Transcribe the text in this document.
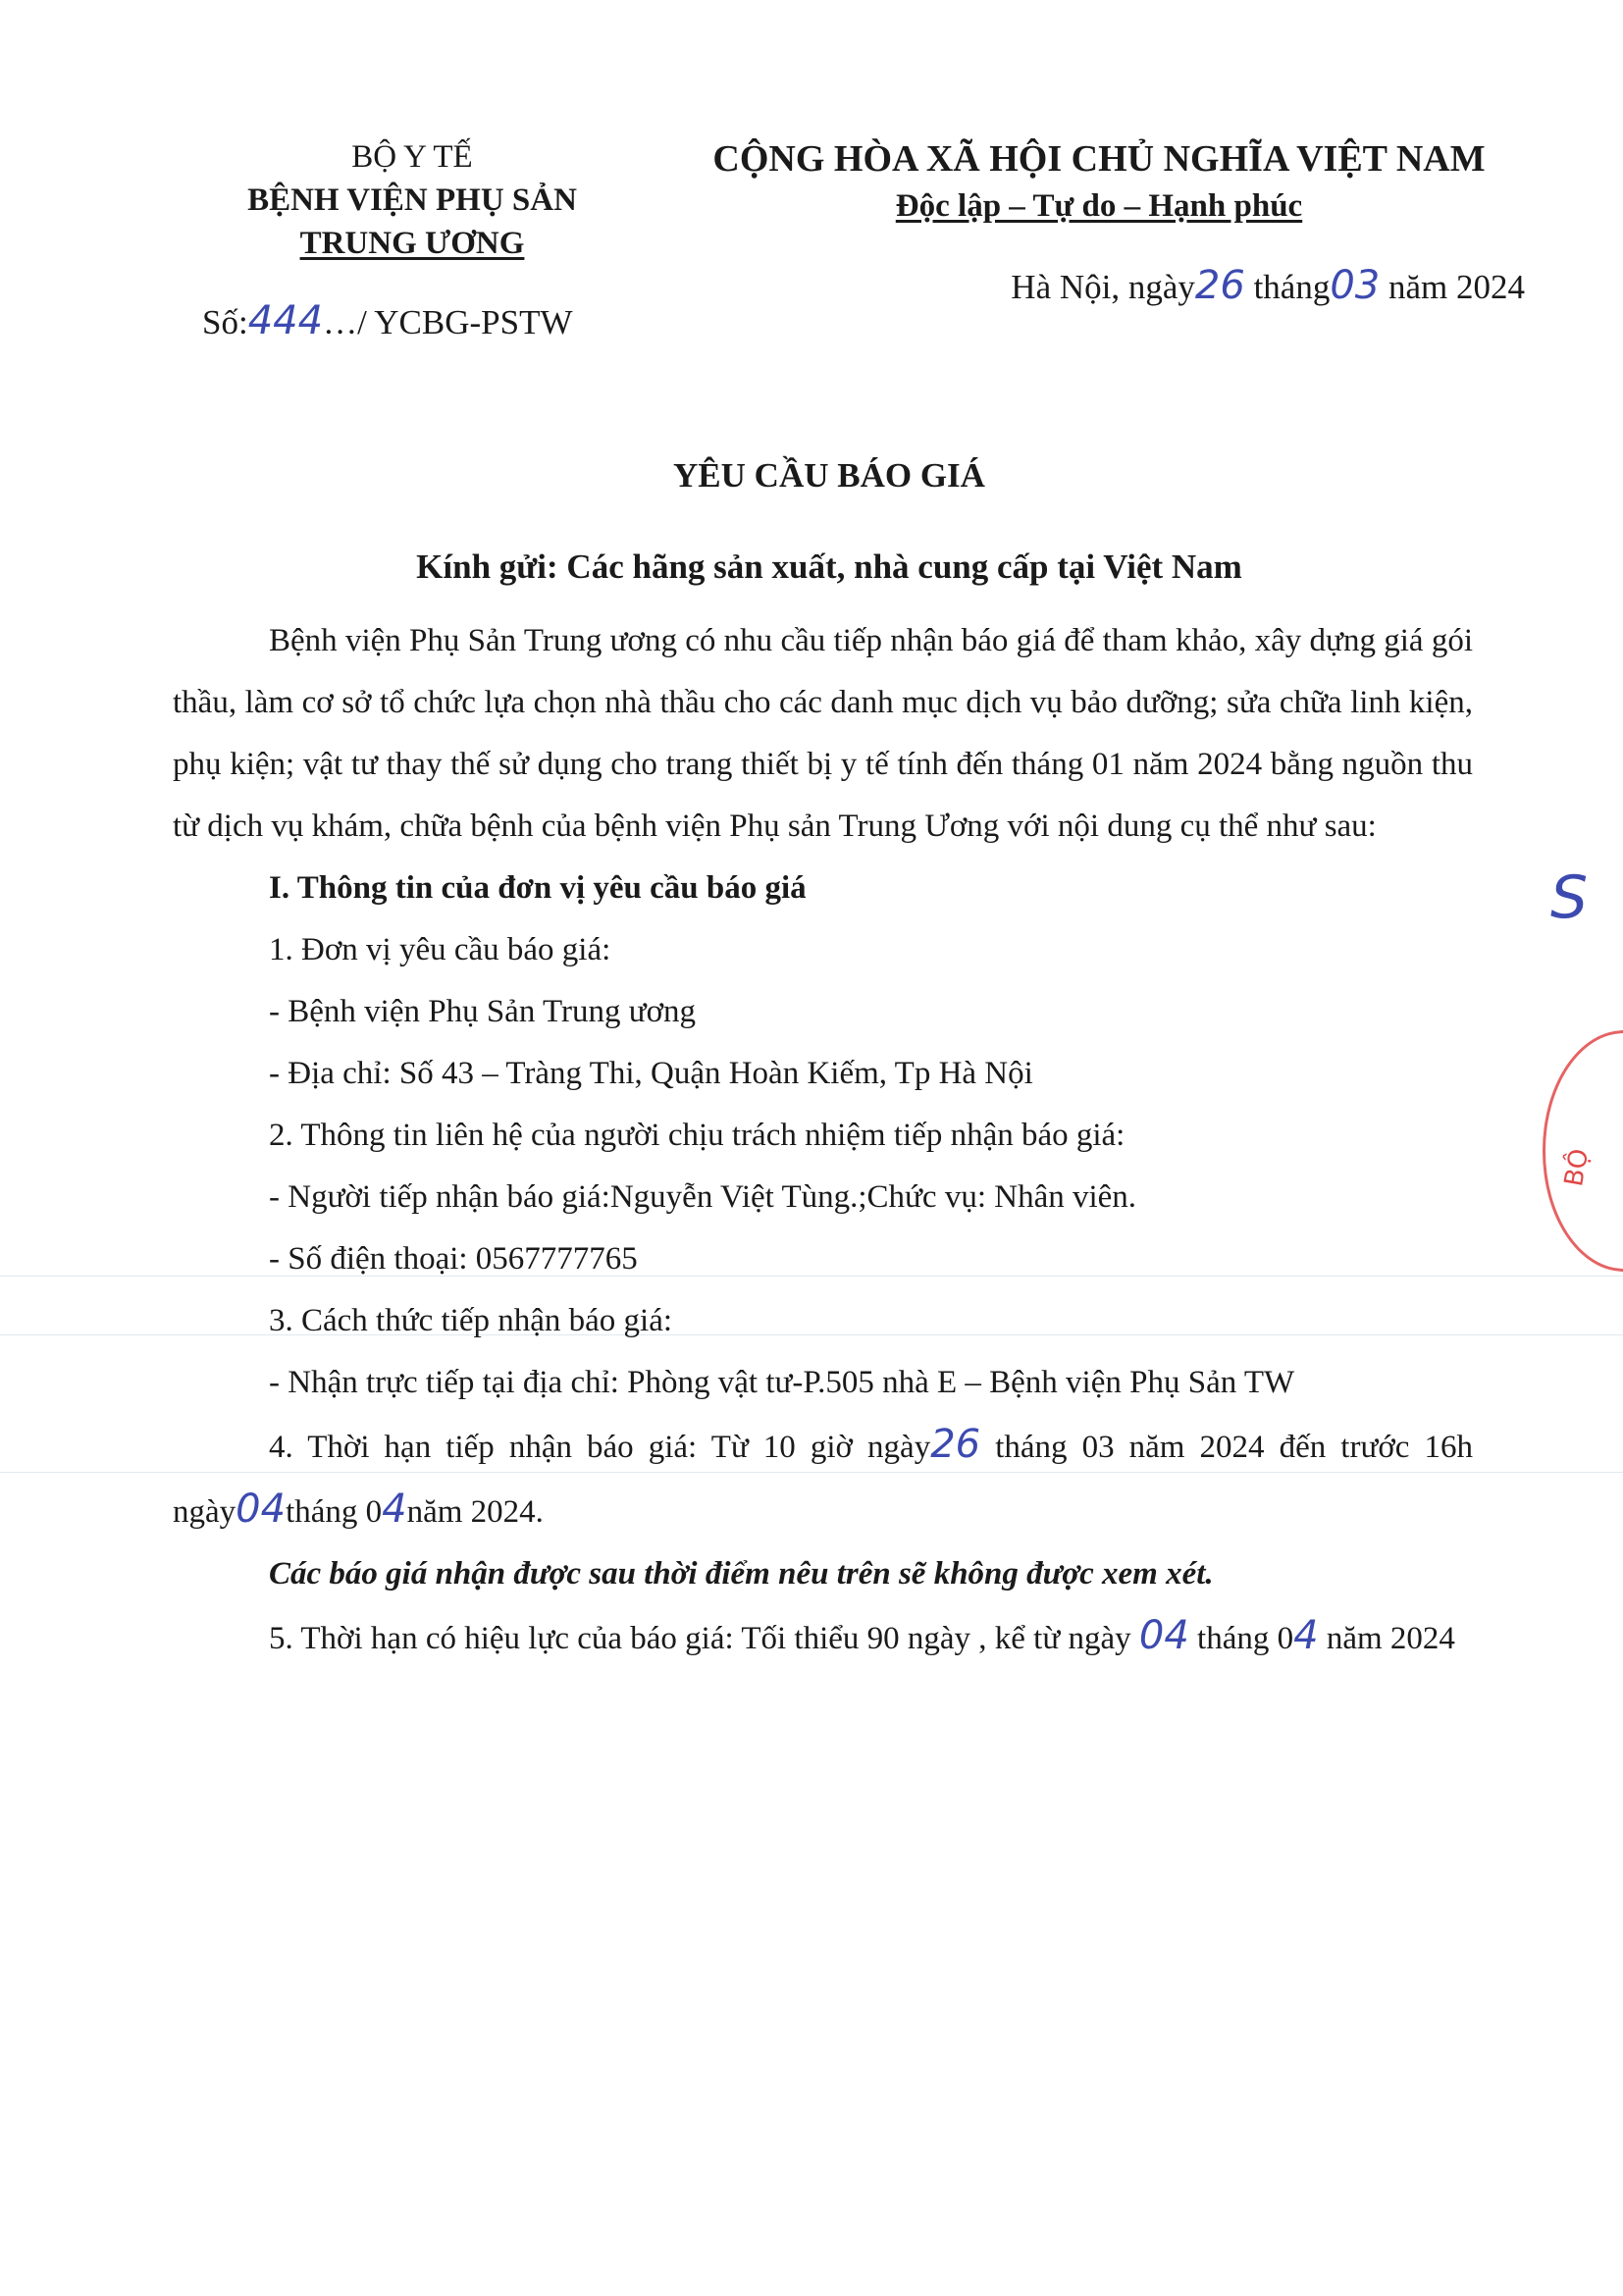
BỘ Y TẾ
BỆNH VIỆN PHỤ SẢN
TRUNG ƯƠNG
Số:444…/ YCBG-PSTW
CỘNG HÒA XÃ HỘI CHỦ NGHĨA VIỆT NAM
Độc lập – Tự do – Hạnh phúc
Hà Nội, ngày26 tháng03 năm 2024
YÊU CẦU BÁO GIÁ
Kính gửi: Các hãng sản xuất, nhà cung cấp tại Việt Nam

Bệnh viện Phụ Sản Trung ương có nhu cầu tiếp nhận báo giá để tham khảo, xây dựng giá gói thầu, làm cơ sở tổ chức lựa chọn nhà thầu cho các danh mục dịch vụ bảo dưỡng; sửa chữa linh kiện, phụ kiện; vật tư thay thế sử dụng cho trang thiết bị y tế tính đến tháng 01 năm 2024 bằng nguồn thu từ dịch vụ khám, chữa bệnh của bệnh viện Phụ sản Trung Ương với nội dung cụ thể như sau:

I. Thông tin của đơn vị yêu cầu báo giá

1. Đơn vị yêu cầu báo giá:

- Bệnh viện Phụ Sản Trung ương

- Địa chỉ: Số 43 – Tràng Thi, Quận Hoàn Kiếm, Tp Hà Nội

2. Thông tin liên hệ của người chịu trách nhiệm tiếp nhận báo giá:

- Người tiếp nhận báo giá:Nguyễn Việt Tùng.;Chức vụ: Nhân viên.

- Số điện thoại: 0567777765

3. Cách thức tiếp nhận báo giá:

- Nhận trực tiếp tại địa chỉ: Phòng vật tư-P.505 nhà E – Bệnh viện Phụ Sản TW

4. Thời hạn tiếp nhận báo giá: Từ 10 giờ ngày26 tháng 03 năm 2024 đến trước 16h ngày04tháng 04năm 2024.

Các báo giá nhận được sau thời điểm nêu trên sẽ không được xem xét.

5. Thời hạn có hiệu lực của báo giá: Tối thiểu 90 ngày , kể từ ngày 04 tháng 04 năm 2024

BỘ
S
